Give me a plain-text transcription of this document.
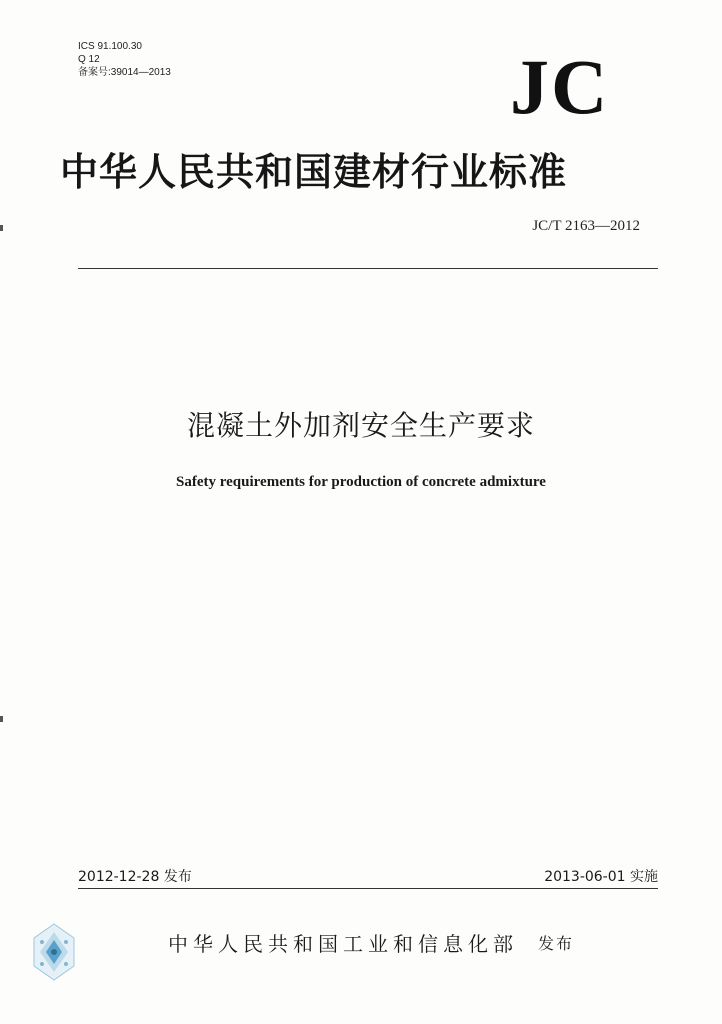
ICS 91.100.30
Q 12
备案号:39014—2013	JC
中华人民共和国建材行业标准
JC/T 2163—2012
混凝土外加剂安全生产要求
Safety requirements for production of concrete admixture
2012-12-28 发布	2013-06-01 实施
中华人民共和国工业和信息化部 发布
